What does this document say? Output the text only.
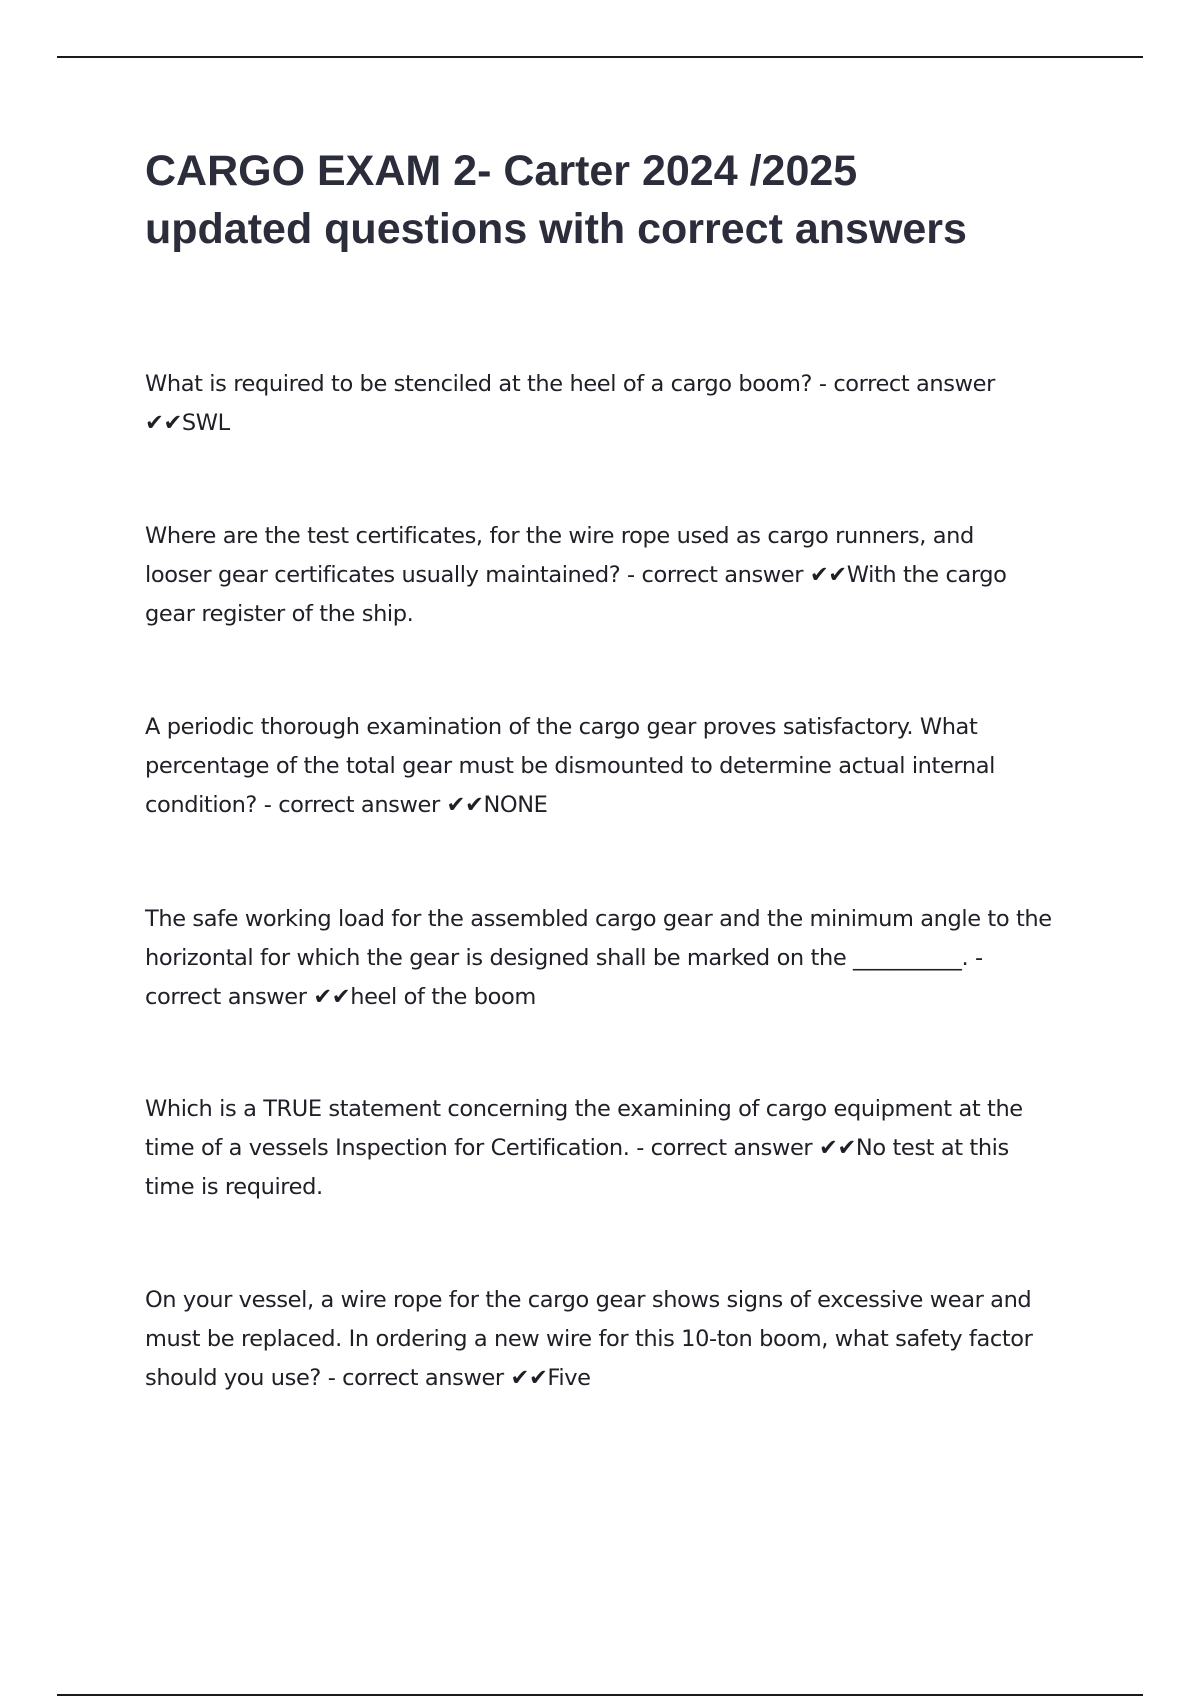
CARGO EXAM 2- Carter 2024 /2025
updated questions with correct answers

What is required to be stenciled at the heel of a cargo boom? - correct answer
✔✔SWL

Where are the test certificates, for the wire rope used as cargo runners, and
looser gear certificates usually maintained? - correct answer ✔✔With the cargo
gear register of the ship.

A periodic thorough examination of the cargo gear proves satisfactory. What
percentage of the total gear must be dismounted to determine actual internal
condition? - correct answer ✔✔NONE

The safe working load for the assembled cargo gear and the minimum angle to the
horizontal for which the gear is designed shall be marked on the __________. -
correct answer ✔✔heel of the boom

Which is a TRUE statement concerning the examining of cargo equipment at the
time of a vessels Inspection for Certification. - correct answer ✔✔No test at this
time is required.

On your vessel, a wire rope for the cargo gear shows signs of excessive wear and
must be replaced. In ordering a new wire for this 10-ton boom, what safety factor
should you use? - correct answer ✔✔Five
